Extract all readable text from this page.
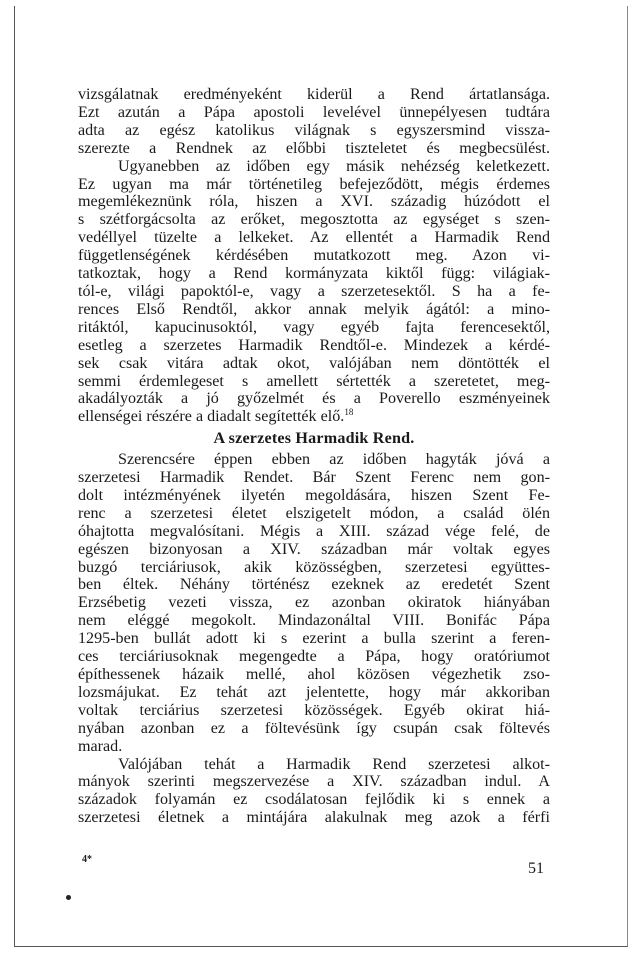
vizsgálatnak eredményeként kiderül a Rend ártatlansága.
Ezt azután a Pápa apostoli levelével ünnepélyesen tudtára
adta az egész katolikus világnak s egyszersmind vissza-
szerezte a Rendnek az előbbi tiszteletet és megbecsülést.
Ugyanebben az időben egy másik nehézség keletkezett.
Ez ugyan ma már történetileg befejeződött, mégis érdemes
megemlékeznünk róla, hiszen a XVI. századig húzódott el
s szétforgácsolta az erőket, megosztotta az egységet s szen-
vedéllyel tüzelte a lelkeket. Az ellentét a Harmadik Rend
függetlenségének kérdésében mutatkozott meg. Azon vi-
tatkoztak, hogy a Rend kormányzata kiktől függ: világiak-
tól-e, világi papoktól-e, vagy a szerzetesektől. S ha a fe-
rences Első Rendtől, akkor annak melyik ágától: a mino-
ritáktól, kapucinusoktól, vagy egyéb fajta ferencesektől,
esetleg a szerzetes Harmadik Rendtől-e. Mindezek a kérdé-
sek csak vitára adtak okot, valójában nem döntötték el
semmi érdemlegeset s amellett sértették a szeretetet, meg-
akadályozták a jó győzelmét és a Poverello eszményeinek
ellenségei részére a diadalt segítették elő.$^{18}$
A szerzetes Harmadik Rend.
Szerencsére éppen ebben az időben hagyták jóvá a
szerzetesi Harmadik Rendet. Bár Szent Ferenc nem gon-
dolt intézményének ilyetén megoldására, hiszen Szent Fe-
renc a szerzetesi életet elszigetelt módon, a család ölén
óhajtotta megvalósítani. Mégis a XIII. század vége felé, de
egészen bizonyosan a XIV. században már voltak egyes
buzgó terciáriusok, akik közösségben, szerzetesi együttes-
ben éltek. Néhány történész ezeknek az eredetét Szent
Erzsébetig vezeti vissza, ez azonban okiratok hiányában
nem eléggé megokolt. Mindazonáltal VIII. Bonifác Pápa
1295-ben bullát adott ki s ezerint a bulla szerint a feren-
ces terciáriusoknak megengedte a Pápa, hogy oratóriumot
építhessenek házaik mellé, ahol közösen végezhetik zso-
lozsmájukat. Ez tehát azt jelentette, hogy már akkoriban
voltak terciárius szerzetesi közösségek. Egyéb okirat hiá-
nyában azonban ez a föltevésünk így csupán csak föltevés
marad.
Valójában tehát a Harmadik Rend szerzetesi alkot-
mányok szerinti megszervezése a XIV. században indul. A
századok folyamán ez csodálatosan fejlődik ki s ennek a
szerzetesi életnek a mintájára alakulnak meg azok a férfi
4*
51
